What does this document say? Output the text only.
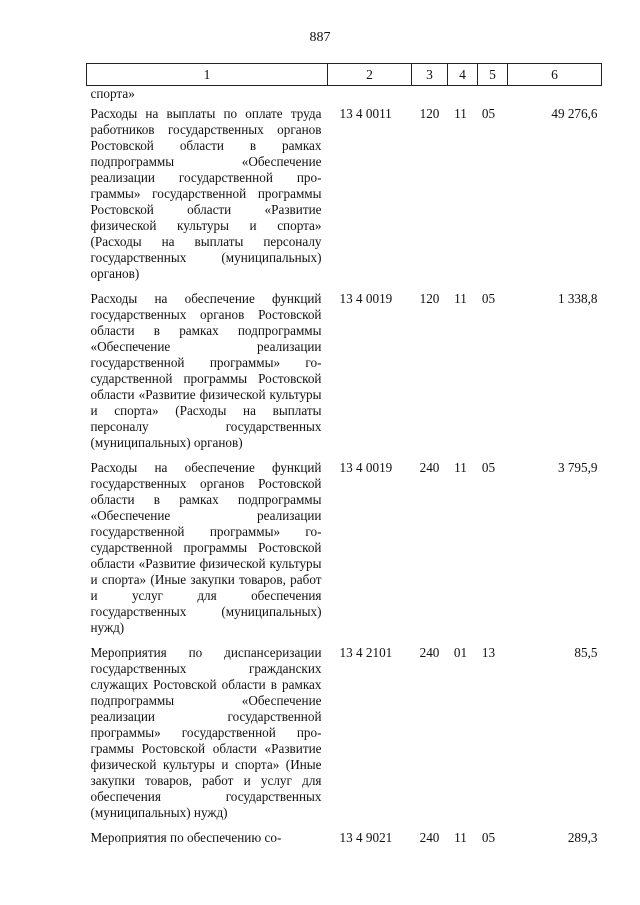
887
1	2	3	4	5	6
спорта»					
Расходы на выплаты по оплате труда работников государственных органов Ростовской области в рамках подпрограммы «Обеспечение реализации государственной программы» государственной программы Ростовской области «Развитие физической культуры и спорта» (Расходы на выплаты персоналу государственных (муниципальных) органов)	13 4 0011	120	11	05	49 276,6
Расходы на обеспечение функций государственных органов Ростовской области в рамках подпрограммы «Обеспечение реализации государственной программы» государственной программы Ростовской области «Развитие физической культуры и спорта» (Расходы на выплаты персоналу государственных (муниципальных) органов)	13 4 0019	120	11	05	1 338,8
Расходы на обеспечение функций государственных органов Ростовской области в рамках подпрограммы «Обеспечение реализации государственной программы» государственной программы Ростовской области «Развитие физической культуры и спорта» (Иные закупки товаров, работ и услуг для обеспечения государственных (муниципальных) нужд)	13 4 0019	240	11	05	3 795,9
Мероприятия по диспансеризации государственных гражданских служащих Ростовской области в рамках подпрограммы «Обеспечение реализации государственной программы» государственной программы Ростовской области «Развитие физической культуры и спорта» (Иные закупки товаров, работ и услуг для обеспечения государственных (муниципальных) нужд)	13 4 2101	240	01	13	85,5
Мероприятия по обеспечению со-	13 4 9021	240	11	05	289,3
